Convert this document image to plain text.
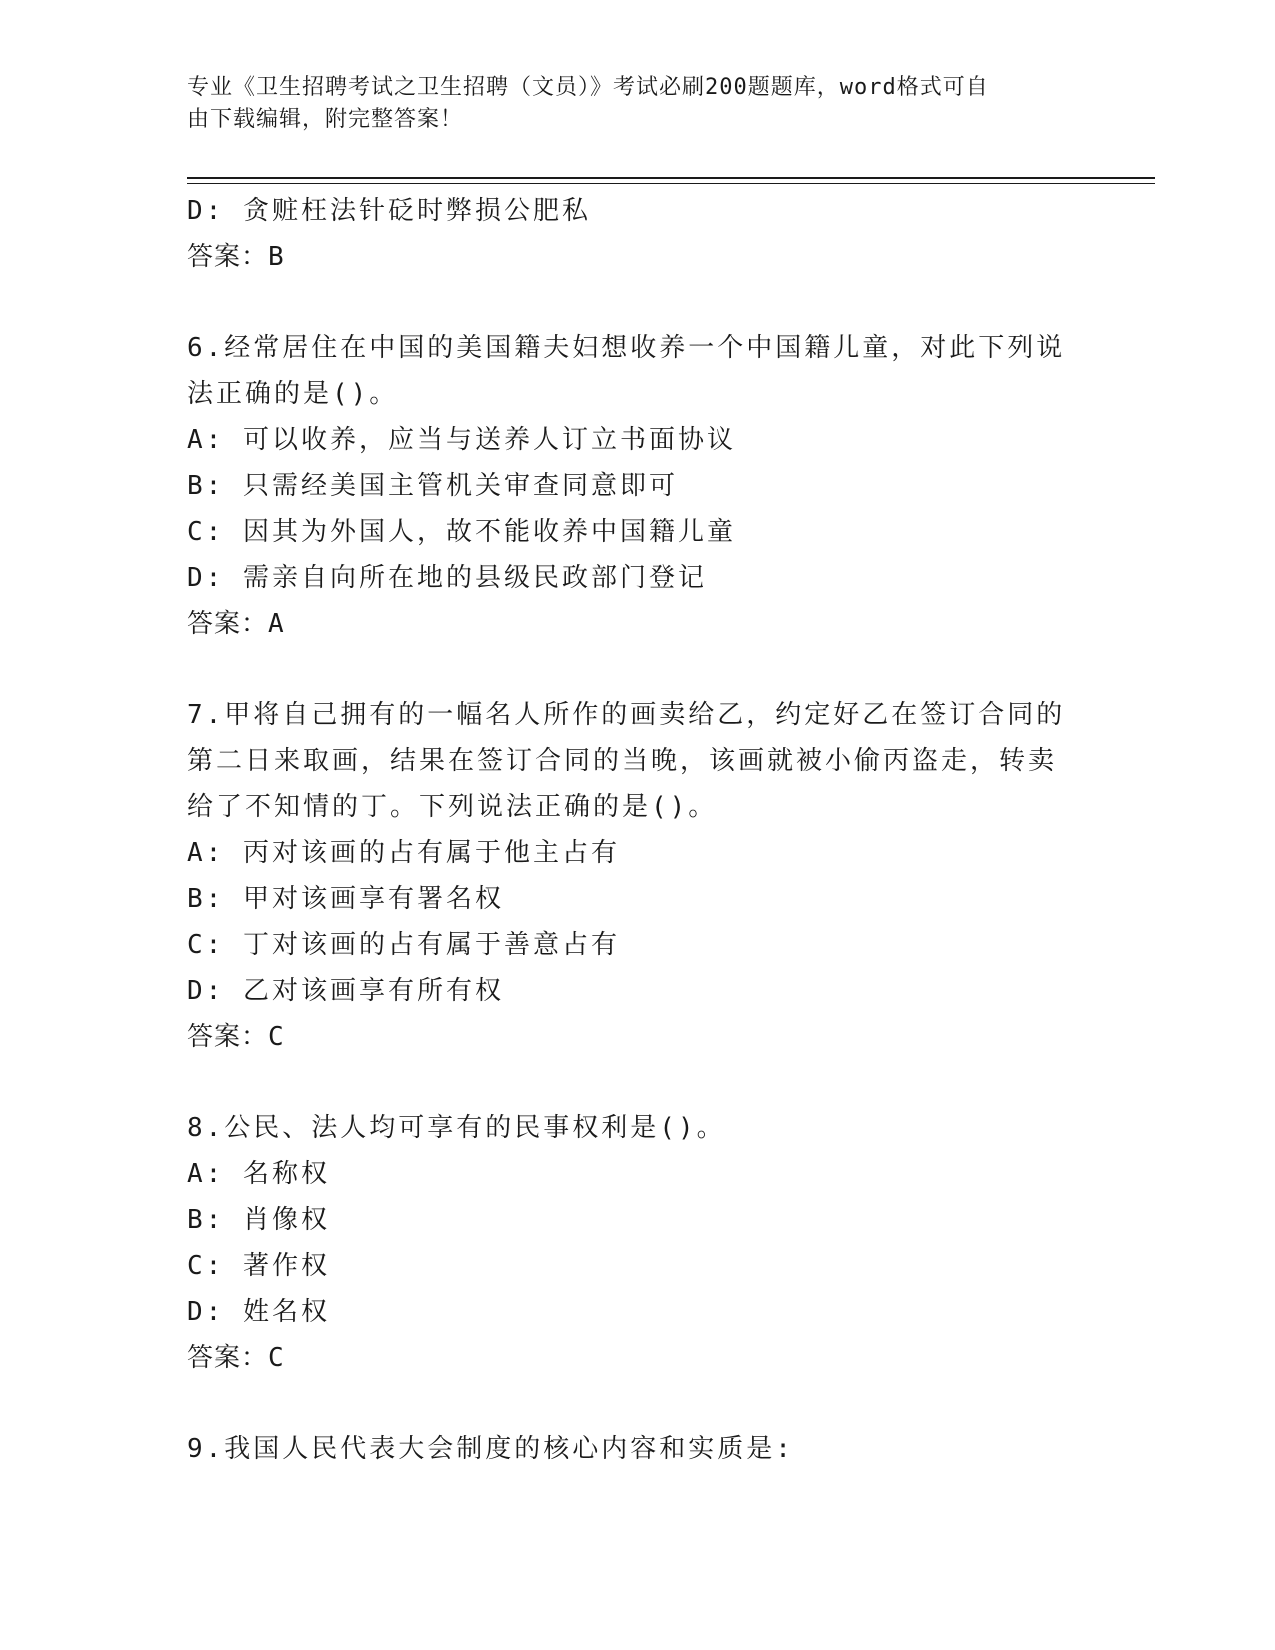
专业《卫生招聘考试之卫生招聘（文员）》考试必刷200题题库，word格式可自
由下载编辑，附完整答案！
D: 贪赃枉法针砭时弊损公肥私
答案：B
6.经常居住在中国的美国籍夫妇想收养一个中国籍儿童，对此下列说
法正确的是()。
A: 可以收养，应当与送养人订立书面协议
B: 只需经美国主管机关审查同意即可
C: 因其为外国人，故不能收养中国籍儿童
D: 需亲自向所在地的县级民政部门登记
答案：A
7.甲将自己拥有的一幅名人所作的画卖给乙，约定好乙在签订合同的
第二日来取画，结果在签订合同的当晚，该画就被小偷丙盗走，转卖
给了不知情的丁。下列说法正确的是()。
A: 丙对该画的占有属于他主占有
B: 甲对该画享有署名权
C: 丁对该画的占有属于善意占有
D: 乙对该画享有所有权
答案：C
8.公民、法人均可享有的民事权利是()。
A: 名称权
B: 肖像权
C: 著作权
D: 姓名权
答案：C
9.我国人民代表大会制度的核心内容和实质是:
